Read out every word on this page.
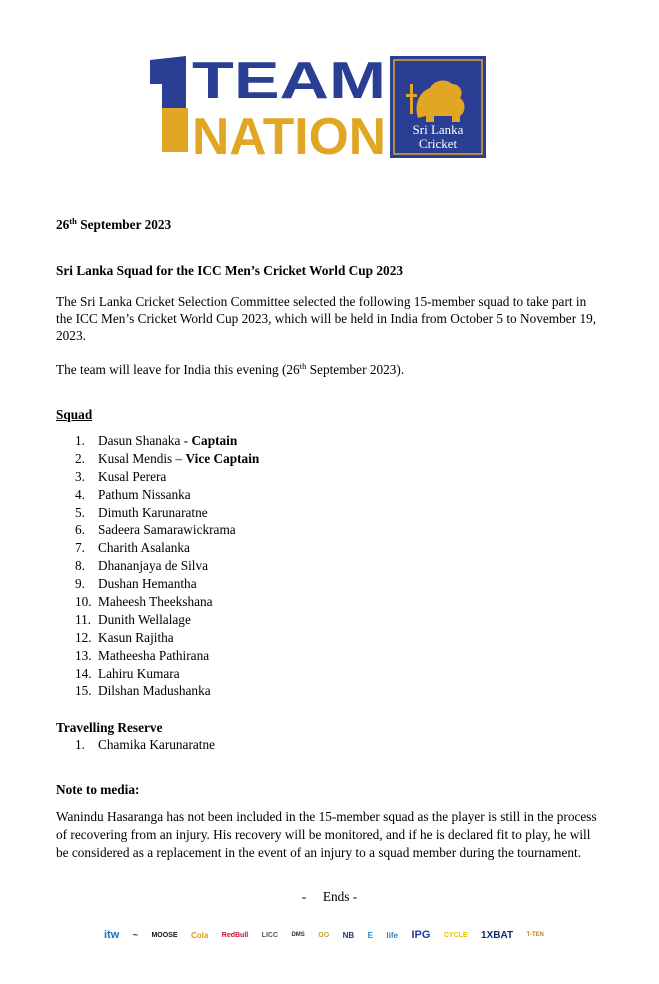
TEAM
NATION Sri Lanka
Cricket
26th September 2023
Sri Lanka Squad for the ICC Men’s Cricket World Cup 2023

The Sri Lanka Cricket Selection Committee selected the following 15-member squad to take part in the ICC Men’s Cricket World Cup 2023, which will be held in India from October 5 to November 19, 2023.

The team will leave for India this evening (26th September 2023).
Squad
1. Dasun Shanaka - Captain
2. Kusal Mendis – Vice Captain
3. Kusal Perera
4. Pathum Nissanka
5. Dimuth Karunaratne
6. Sadeera Samarawickrama
7. Charith Asalanka
8. Dhananjaya de Silva
9. Dushan Hemantha
10. Maheesh Theekshana
11. Dunith Wellalage
12. Kasun Rajitha
13. Matheesha Pathirana
14. Lahiru Kumara
15. Dilshan Madushanka
Travelling Reserve
1. Chamika Karunaratne
Note to media:

Wanindu Hasaranga has not been included in the 15-member squad as the player is still in the process of recovering from an injury. His recovery will be monitored, and if he is declared fit to play, he will be considered as a replacement in the event of an injury to a squad member during the tournament.

-     Ends -
itw ~ MOOSE Cola RedBull LICC DMS OO NB E life IPG CYCLE 1XBAT T-TEN
